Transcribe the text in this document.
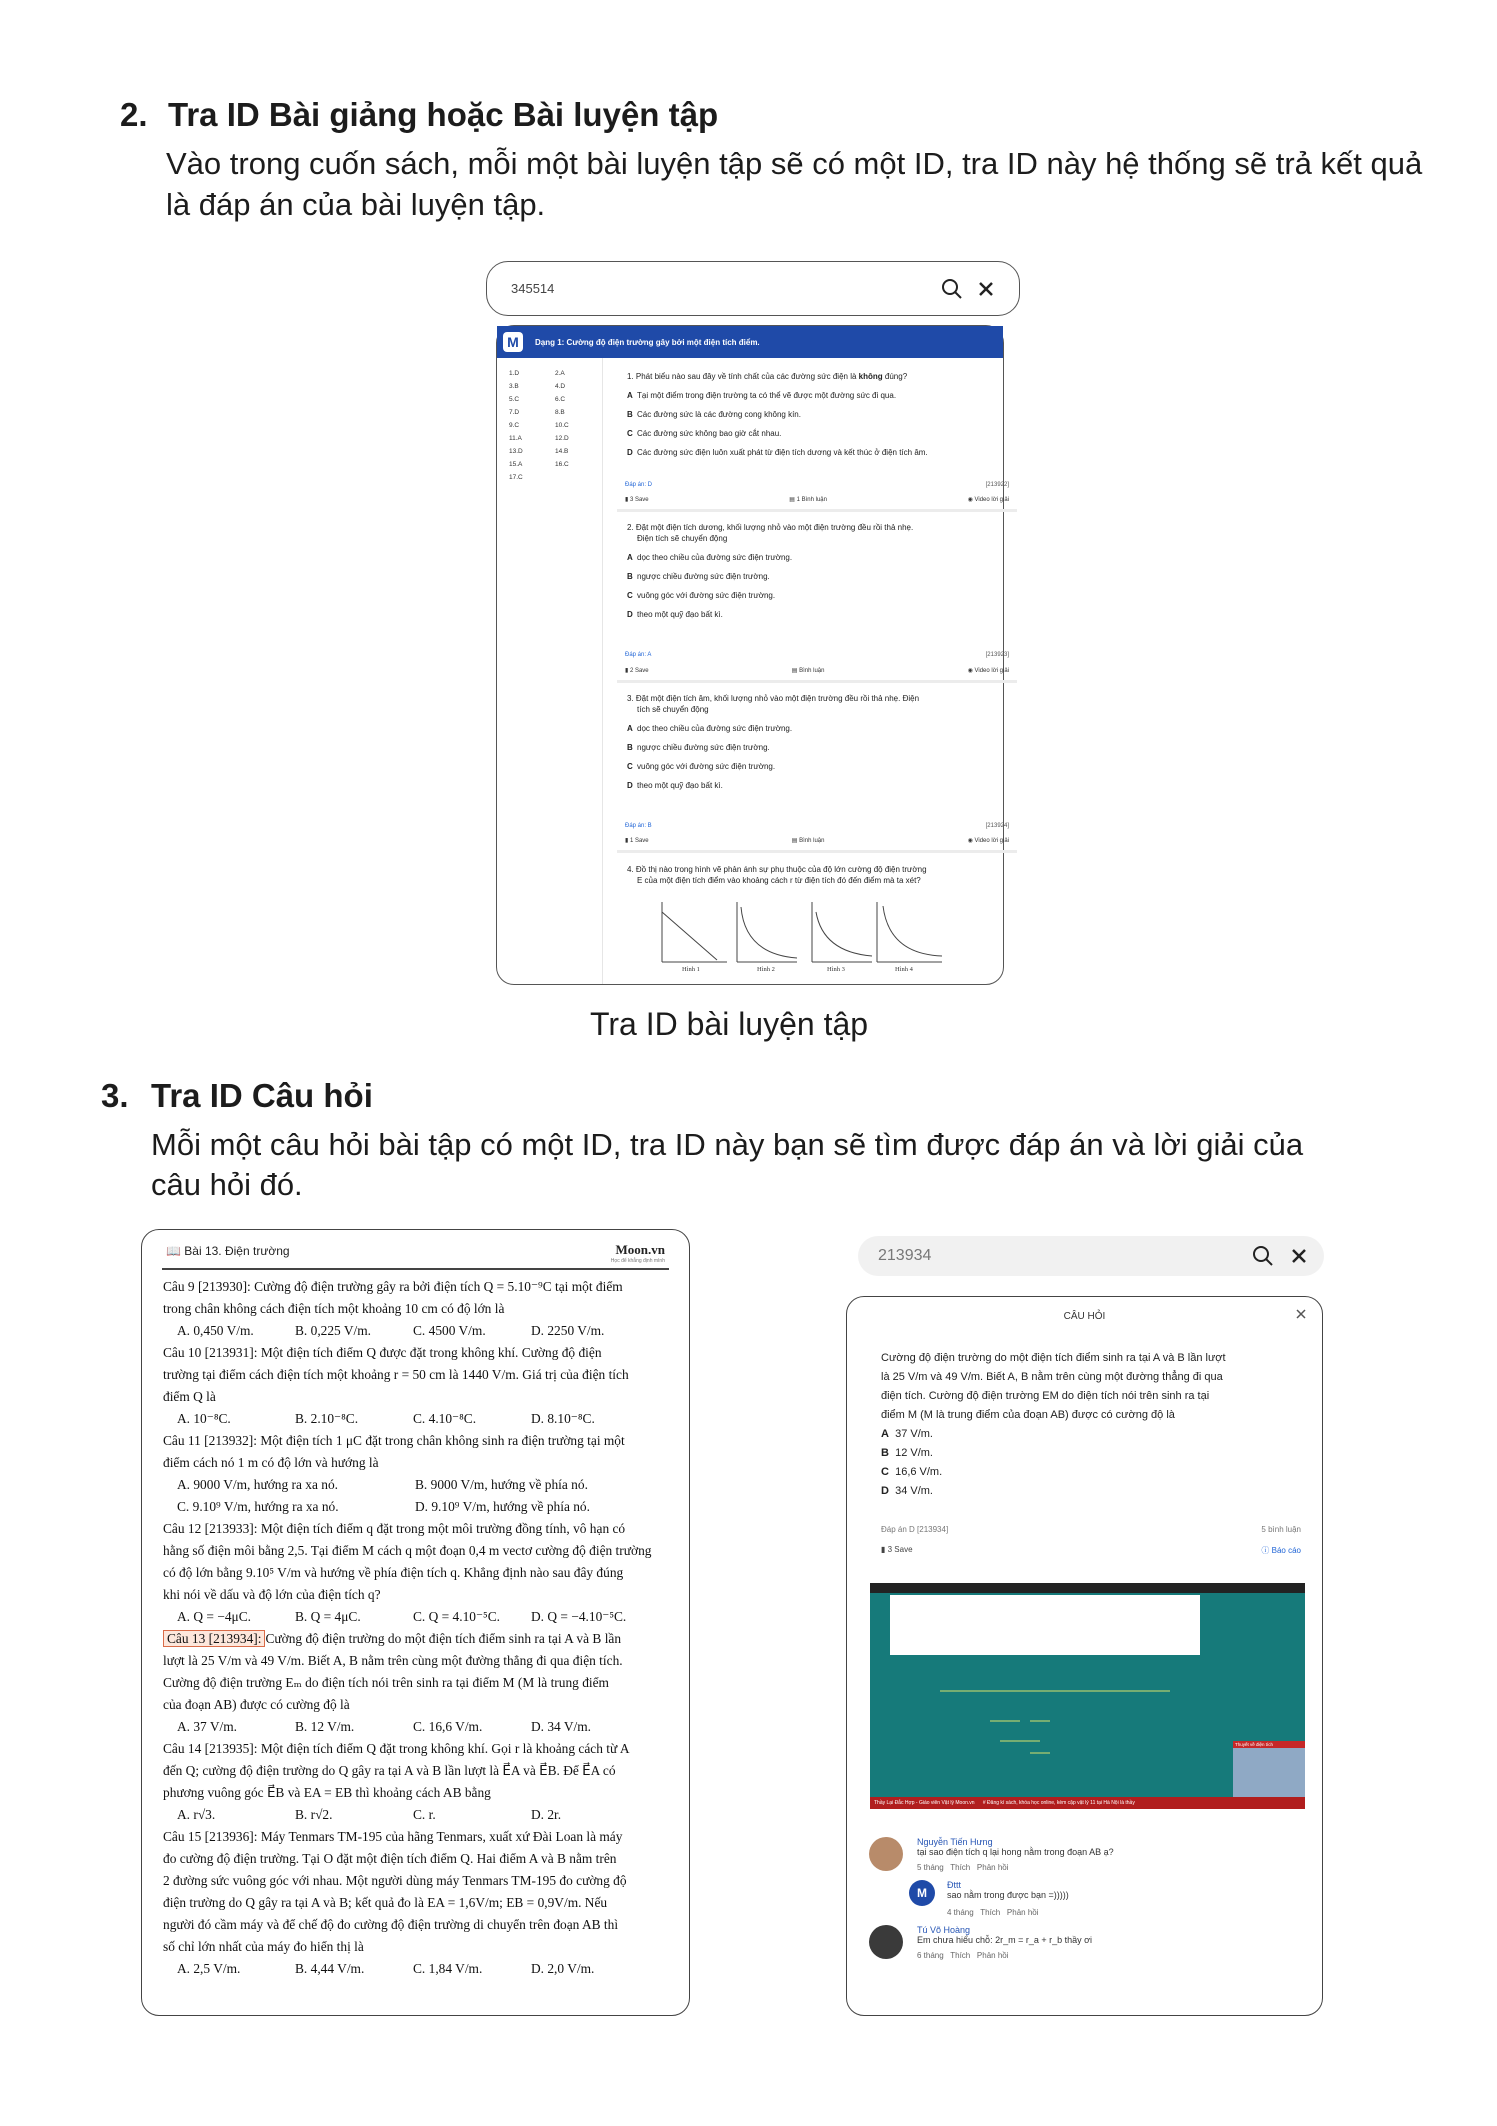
2. Tra ID Bài giảng hoặc Bài luyện tập
Vào trong cuốn sách, mỗi một bài luyện tập sẽ có một ID, tra ID này hệ thống sẽ trả kết quả
là đáp án của bài luyện tập.
345514
M	Dạng 1: Cường độ điện trường gây bởi một điện tích điểm.
1.D	2.A
3.B	4.D
5.C	6.C
7.D	8.B
9.C	10.C
11.A	12.D
13.D	14.B
15.A	16.C
17.C
1. Phát biểu nào sau đây về tính chất của các đường sức điện là không đúng?
A Tại một điểm trong điện trường ta có thể vẽ được một đường sức đi qua.
B Các đường sức là các đường cong không kín.
C Các đường sức không bao giờ cắt nhau.
D Các đường sức điện luôn xuất phát từ điện tích dương và kết thúc ở điện tích âm.
Đáp án: D	[213922]
▮ 3 Save	▤ 1 Bình luận	◉ Video lời giải
2. Đặt một điện tích dương, khối lượng nhỏ vào một điện trường đều rồi thả nhẹ.
Điện tích sẽ chuyển động
A dọc theo chiều của đường sức điện trường.
B ngược chiều đường sức điện trường.
C vuông góc với đường sức điện trường.
D theo một quỹ đạo bất kì.
Đáp án: A	[213923]
▮ 2 Save	▤ Bình luận	◉ Video lời giải
3. Đặt một điện tích âm, khối lượng nhỏ vào một điện trường đều rồi thả nhẹ. Điện
tích sẽ chuyển động
A dọc theo chiều của đường sức điện trường.
B ngược chiều đường sức điện trường.
C vuông góc với đường sức điện trường.
D theo một quỹ đạo bất kì.
Đáp án: B	[213924]
▮ 1 Save	▤ Bình luận	◉ Video lời giải
4. Đồ thị nào trong hình vẽ phản ánh sự phụ thuộc của độ lớn cường độ điện trường
E của một điện tích điểm vào khoảng cách r từ điện tích đó đến điểm mà ta xét?
Hình 1	Hình 2	Hình 3	Hình 4
Tra ID bài luyện tập
3. Tra ID Câu hỏi
Mỗi một câu hỏi bài tập có một ID, tra ID này bạn sẽ tìm được đáp án và lời giải của
câu hỏi đó.
📖 Bài 13. Điện trường	Moon.vn
Học để khẳng định mình
Câu 9 [213930]: Cường độ điện trường gây ra bởi điện tích Q = 5.10⁻⁹C tại một điểm
trong chân không cách điện tích một khoảng 10 cm có độ lớn là
A. 0,450 V/m.	B. 0,225 V/m.	C. 4500 V/m.	D. 2250 V/m.
Câu 10 [213931]: Một điện tích điểm Q được đặt trong không khí. Cường độ điện
trường tại điểm cách điện tích một khoảng r = 50 cm là 1440 V/m. Giá trị của điện tích
điểm Q là
A. 10⁻⁸C.	B. 2.10⁻⁸C.	C. 4.10⁻⁸C.	D. 8.10⁻⁸C.
Câu 11 [213932]: Một điện tích 1 μC đặt trong chân không sinh ra điện trường tại một
điểm cách nó 1 m có độ lớn và hướng là
A. 9000 V/m, hướng ra xa nó.	B. 9000 V/m, hướng về phía nó.
C. 9.10⁹ V/m, hướng ra xa nó.	D. 9.10⁹ V/m, hướng về phía nó.
Câu 12 [213933]: Một điện tích điểm q đặt trong một môi trường đồng tính, vô hạn có
hằng số điện môi bằng 2,5. Tại điểm M cách q một đoạn 0,4 m vectơ cường độ điện trường
có độ lớn bằng 9.10⁵ V/m và hướng về phía điện tích q. Khẳng định nào sau đây đúng
khi nói về dấu và độ lớn của điện tích q?
A. Q = −4μC.	B. Q = 4μC.	C. Q = 4.10⁻⁵C.	D. Q = −4.10⁻⁵C.
Câu 13 [213934]: Cường độ điện trường do một điện tích điểm sinh ra tại A và B lần
lượt là 25 V/m và 49 V/m. Biết A, B nằm trên cùng một đường thẳng đi qua điện tích.
Cường độ điện trường Eₘ do điện tích nói trên sinh ra tại điểm M (M là trung điểm
của đoạn AB) được có cường độ là
A. 37 V/m.	B. 12 V/m.	C. 16,6 V/m.	D. 34 V/m.
Câu 14 [213935]: Một điện tích điểm Q đặt trong không khí. Gọi r là khoảng cách từ A
đến Q; cường độ điện trường do Q gây ra tại A và B lần lượt là E⃗A và E⃗B. Để E⃗A có
phương vuông góc E⃗B và EA = EB thì khoảng cách AB bằng
A. r√3.	B. r√2.	C. r.	D. 2r.
Câu 15 [213936]: Máy Tenmars TM-195 của hãng Tenmars, xuất xứ Đài Loan là máy
đo cường độ điện trường. Tại O đặt một điện tích điểm Q. Hai điểm A và B nằm trên
2 đường sức vuông góc với nhau. Một người dùng máy Tenmars TM-195 đo cường độ
điện trường do Q gây ra tại A và B; kết quả đo là EA = 1,6V/m; EB = 0,9V/m. Nếu
người đó cầm máy và để chế độ đo cường độ điện trường di chuyển trên đoạn AB thì
số chỉ lớn nhất của máy đo hiển thị là
A. 2,5 V/m.	B. 4,44 V/m.	C. 1,84 V/m.	D. 2,0 V/m.
213934
CÂU HỎI
Cường độ điện trường do một điện tích điểm sinh ra tại A và B lần lượt
là 25 V/m và 49 V/m. Biết A, B nằm trên cùng một đường thẳng đi qua
điện tích. Cường độ điện trường EM do điện tích nói trên sinh ra tại
điểm M (M là trung điểm của đoạn AB) được có cường độ là
A 37 V/m.
B 12 V/m.
C 16,6 V/m.
D 34 V/m.
Đáp án D [213934]	5 bình luận
▮ 3 Save	ⓘ Báo cáo
Thầy Lại Đắc Hợp - Giáo viên Vật lý Moon.vn # Đăng kí sách, khóa học online, kèm cặp vật lý 11 tại Hà Nội là thầy
Thuyết về điện tích
Nguyễn Tiến Hưng
tại sao điện tích q lại hong nằm trong đoạn AB ạ?
5 tháng Thích Phản hồi
M
Đttt
sao nằm trong được bạn =)))))
4 tháng Thích Phản hồi
Tú Võ Hoàng
Em chưa hiểu chỗ: 2r_m = r_a + r_b thầy ơi
6 tháng Thích Phản hồi
